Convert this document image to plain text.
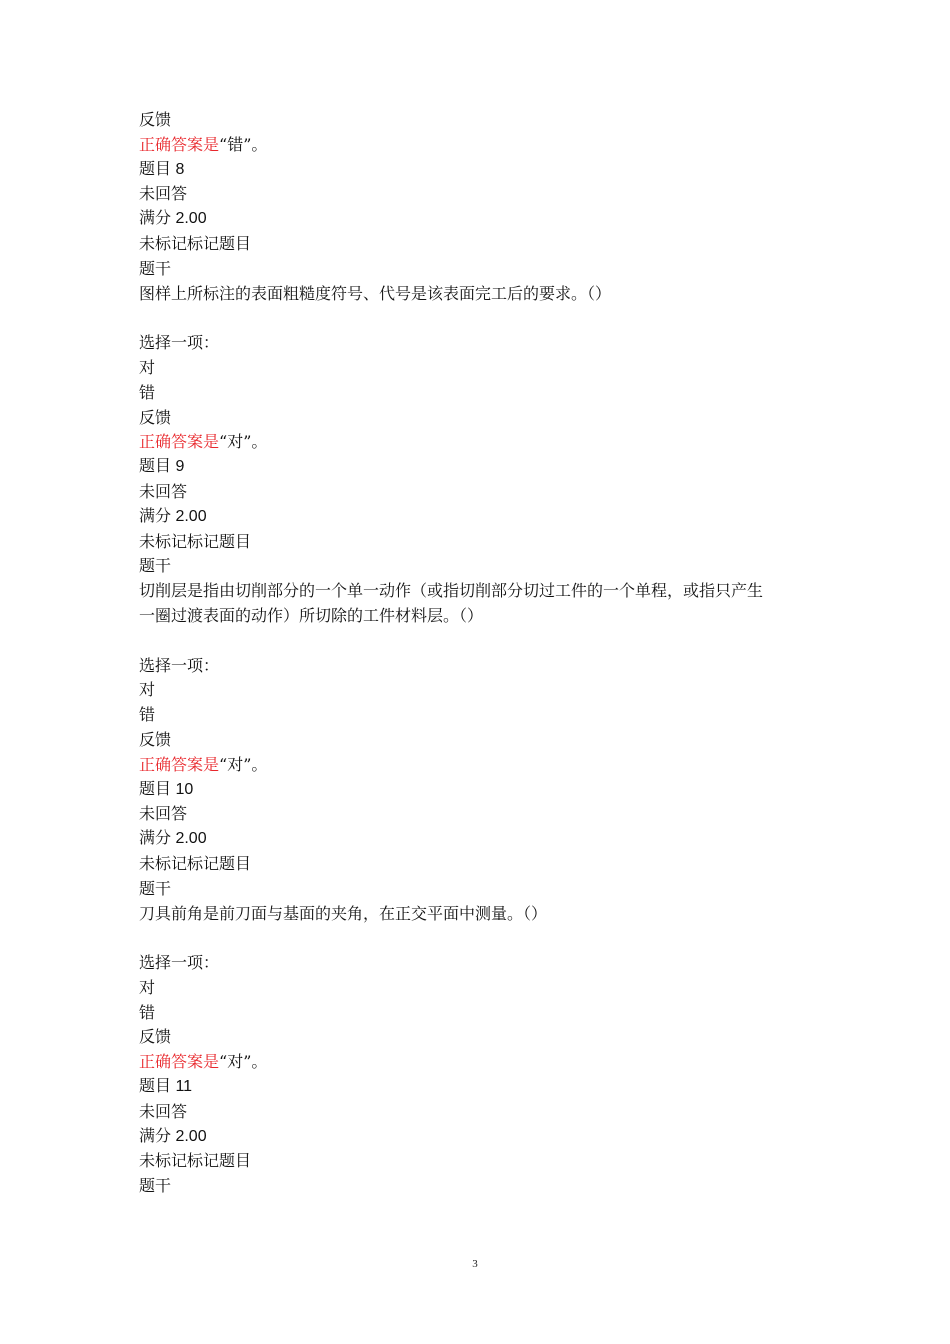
反馈
正确答案是“错”。
题目 8
未回答
满分 2.00
未标记标记题目
题干
图样上所标注的表面粗糙度符号、代号是该表面完工后的要求。（）
选择一项：
对
错
反馈
正确答案是“对”。
题目 9
未回答
满分 2.00
未标记标记题目
题干
切削层是指由切削部分的一个单一动作（或指切削部分切过工件的一个单程，或指只产生
一圈过渡表面的动作）所切除的工件材料层。（）
选择一项：
对
错
反馈
正确答案是“对”。
题目 10
未回答
满分 2.00
未标记标记题目
题干
刀具前角是前刀面与基面的夹角，在正交平面中测量。（）
选择一项：
对
错
反馈
正确答案是“对”。
题目 11
未回答
满分 2.00
未标记标记题目
题干
3
